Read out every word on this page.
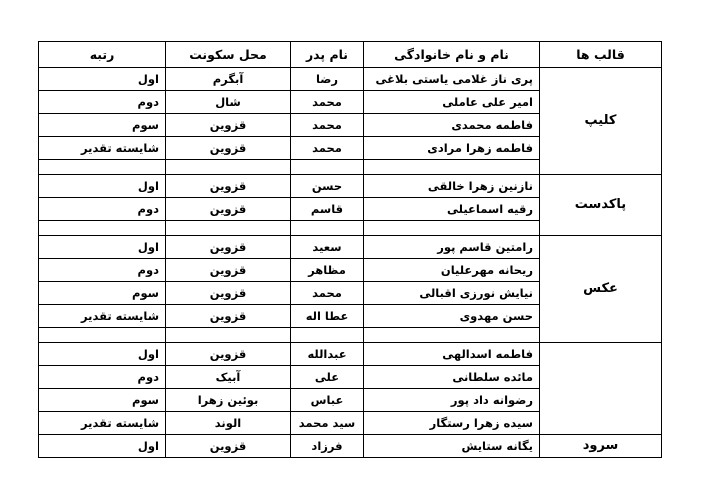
قالب ها	نام و نام خانوادگی	نام پدر	محل سکونت	رتبه
کلیپ	پری ناز غلامی یاستی بلاغی	رضا	آبگرم	اول
	امیر علی عاملی	محمد	شال	دوم
	فاطمه محمدی	محمد	قزوین	سوم
	فاطمه زهرا مرادی	محمد	قزوین	شایسته تقدیر

پاکدست	نازنین زهرا خالقی	حسن	قزوین	اول
	رقیه اسماعیلی	قاسم	قزوین	دوم

عکس	رامتین قاسم پور	سعید	قزوین	اول
	ریحانه مهرعلیان	مظاهر	قزوین	دوم
	نیایش نورزی اقبالی	محمد	قزوین	سوم
	حسن مهدوی	عطا اله	قزوین	شایسته تقدیر

	فاطمه اسدالهی	عبدالله	قزوین	اول
	مائده سلطانی	علی	آبیک	دوم
	رضوانه داد پور	عباس	بوئین زهرا	سوم
	سیده زهرا رستگار	سید محمد	الوند	شایسته تقدیر
سرود	یگانه ستایش	فرزاد	قزوین	اول
